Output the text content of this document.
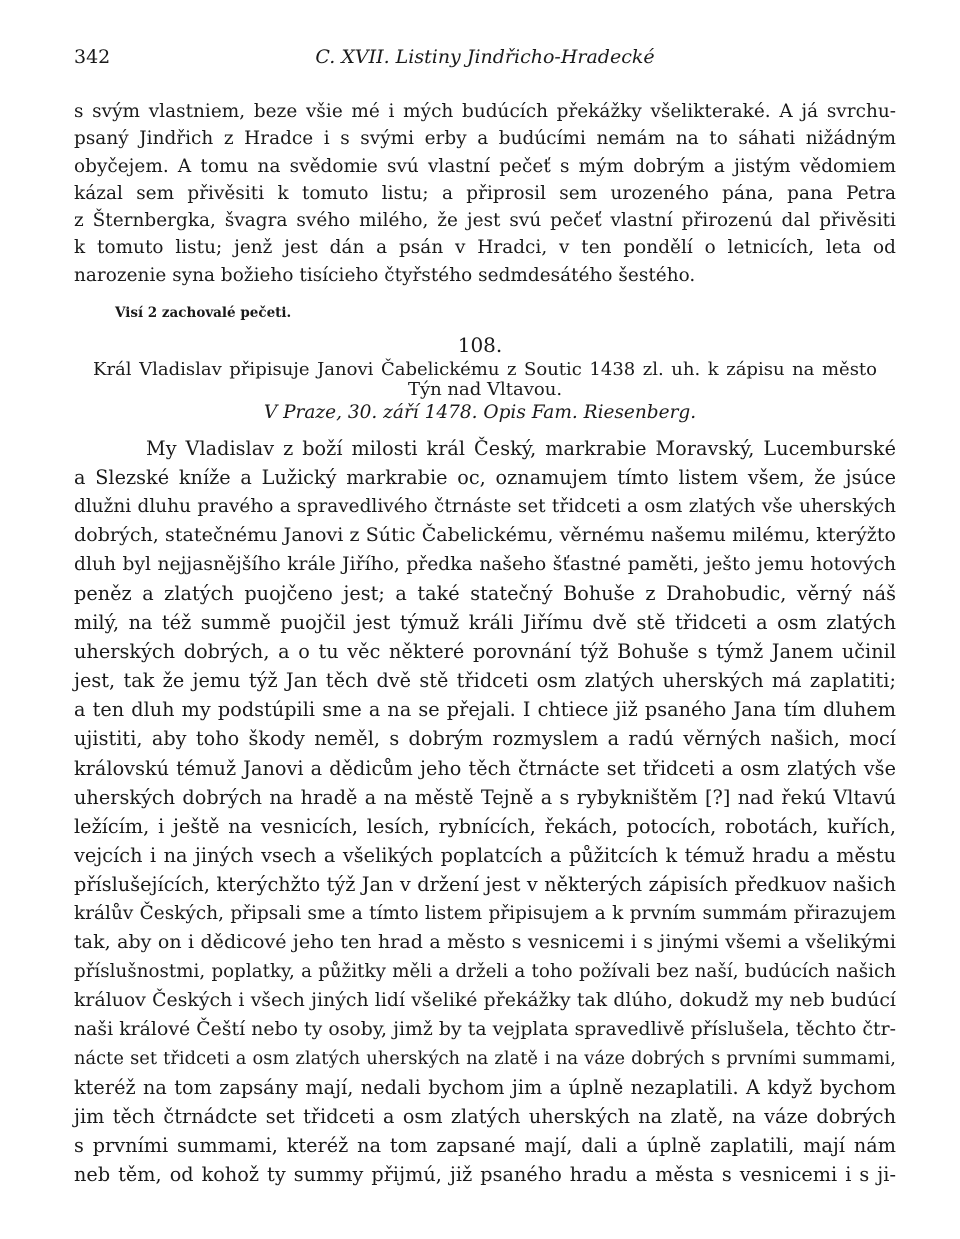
342	C. XVII. Listiny Jindřicho-Hradecké
s svým vlastniem, beze všie mé i mých budúcích překážky všelikteraké. A já svrchu-
psaný Jindřich z Hradce i s svými erby a budúcími nemám na to sáhati nižádným
obyčejem. A tomu na svědomie svú vlastní pečeť s mým dobrým a jistým vědomiem
kázal sem přivěsiti k tomuto listu; a připrosil sem urozeného pána, pana Petra
z Šternbergka, švagra svého milého, že jest svú pečeť vlastní přirozenú dal přivěsiti
k tomuto listu; jenž jest dán a psán v Hradci, v ten pondělí o letnicích, leta od
narozenie syna božieho tisícieho čtyřstého sedmdesátého šestého.
Visí 2 zachovalé pečeti.
108.
Král Vladislav připisuje Janovi Čabelickému z Soutic 1438 zl. uh. k zápisu na město
Týn nad Vltavou.
V Praze, 30. září 1478. Opis Fam. Riesenberg.
My Vladislav z boží milosti král Český, markrabie Moravský, Lucemburské
a Slezské kníže a Lužický markrabie oc, oznamujem tímto listem všem, že jsúce
dlužni dluhu pravého a spravedlivého čtrnáste set třidceti a osm zlatých vše uherských
dobrých, statečnému Janovi z Sútic Čabelickému, věrnému našemu milému, kterýžto
dluh byl nejjasnějšího krále Jiřího, předka našeho šťastné paměti, ješto jemu hotových
peněz a zlatých puojčeno jest; a také statečný Bohuše z Drahobudic, věrný náš
milý, na též summě puojčil jest týmuž králi Jiřímu dvě stě třidceti a osm zlatých
uherských dobrých, a o tu věc některé porovnání týž Bohuše s týmž Janem učinil
jest, tak že jemu týž Jan těch dvě stě třidceti osm zlatých uherských má zaplatiti;
a ten dluh my podstúpili sme a na se přejali. I chtiece již psaného Jana tím dluhem
ujistiti, aby toho škody neměl, s dobrým rozmyslem a radú věrných našich, mocí
královskú témuž Janovi a dědicům jeho těch čtrnácte set třidceti a osm zlatých vše
uherských dobrých na hradě a na městě Tejně a s rybykništěm [?] nad řekú Vltavú
ležícím, i ještě na vesnicích, lesích, rybnících, řekách, potocích, robotách, kuřích,
vejcích i na jiných vsech a všelikých poplatcích a půžitcích k témuž hradu a městu
příslušejících, kterýchžto týž Jan v držení jest v některých zápisích předkuov našich
králův Českých, připsali sme a tímto listem připisujem a k prvním summám přirazujem
tak, aby on i dědicové jeho ten hrad a město s vesnicemi i s jinými všemi a všelikými
příslušnostmi, poplatky, a půžitky měli a drželi a toho požívali bez naší, budúcích našich
králuov Českých i všech jiných lidí všeliké překážky tak dlúho, dokudž my neb budúcí
naši králové Čeští nebo ty osoby, jimž by ta vejplata spravedlivě příslušela, těchto čtr-
nácte set třidceti a osm zlatých uherských na zlatě i na váze dobrých s prvními summami,
kteréž na tom zapsány mají, nedali bychom jim a úplně nezaplatili. A když bychom
jim těch čtrnádcte set třidceti a osm zlatých uherských na zlatě, na váze dobrých
s prvními summami, kteréž na tom zapsané mají, dali a úplně zaplatili, mají nám
neb těm, od kohož ty summy přijmú, již psaného hradu a města s vesnicemi i s ji-
